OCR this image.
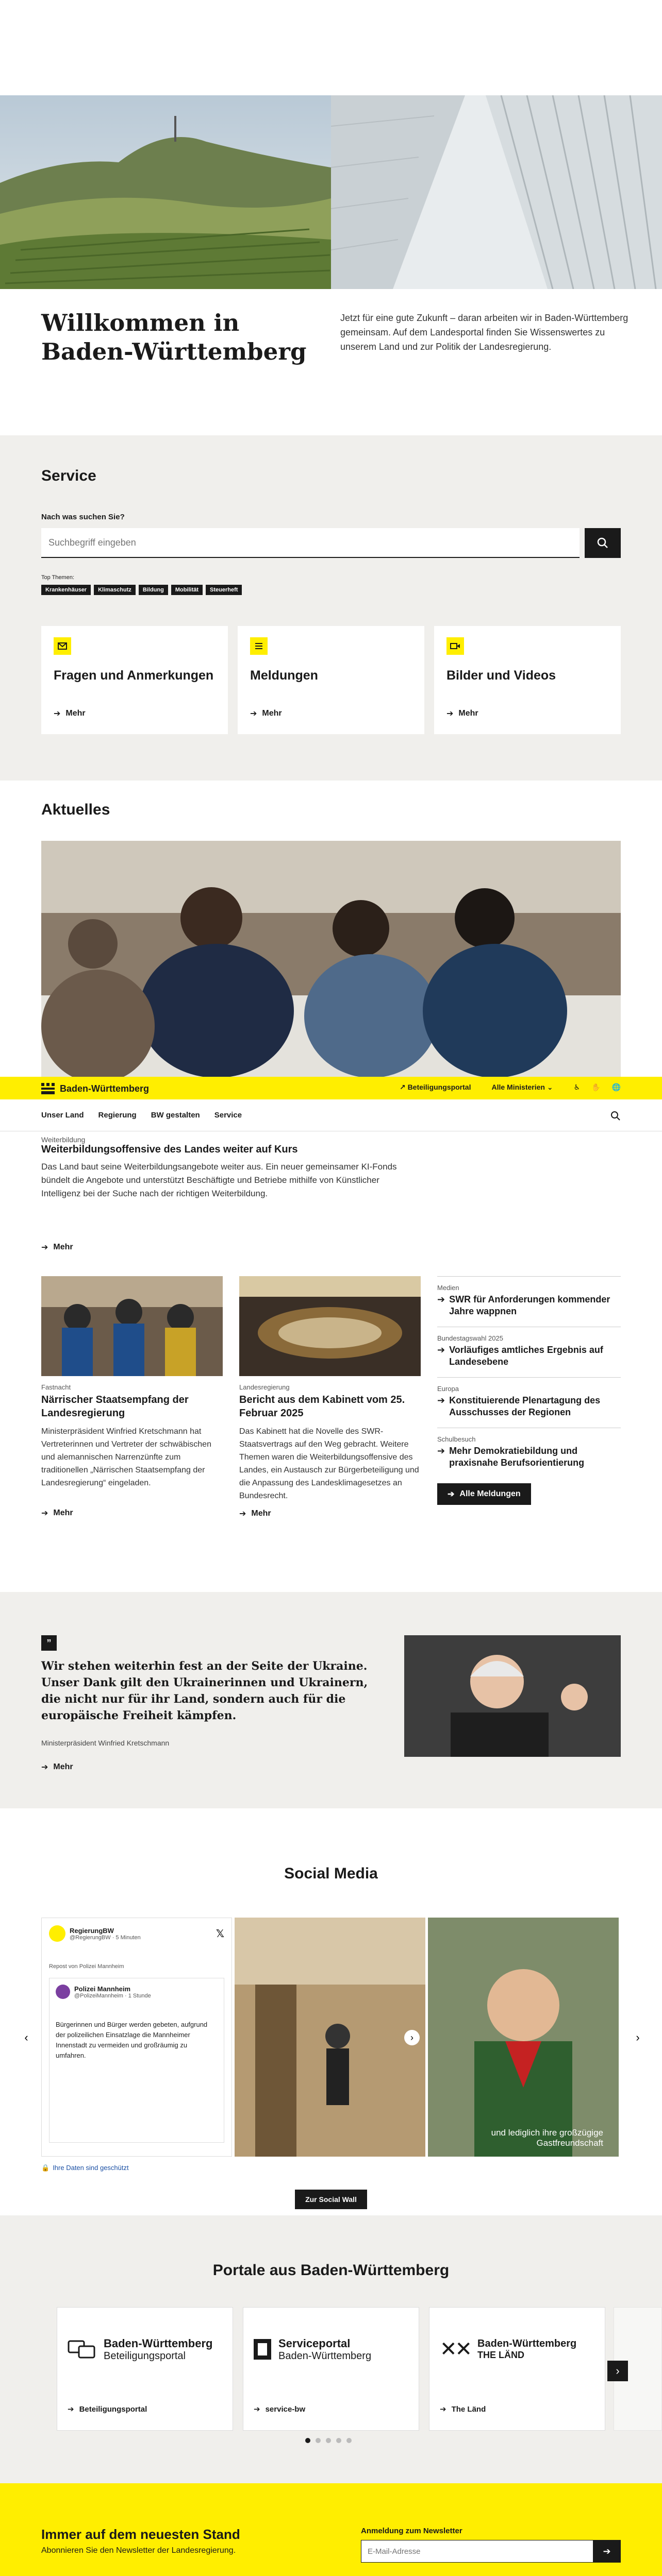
Willkommen in Baden-Württemberg

Jetzt für eine gute Zukunft – daran arbeiten wir in Baden-Württemberg gemeinsam. Auf dem Landesportal finden Sie Wissenswertes zu unserem Land und zur Politik der Landesregierung.

Service
Nach was suchen Sie?
Suchbegriff eingeben
Top Themen:
Krankenhäuser Klimaschutz Bildung Mobilität Steuerheft
Fragen und Anmerkungen
➔ Mehr
Meldungen
➔ Mehr
Bilder und Videos
➔ Mehr
Aktuelles
Baden-Württemberg	↗ Beteiligungsportal	Alle Ministerien ⌄	♿ ✋ 🌐
Unser Land Regierung BW gestalten Service
Weiterbildung
Weiterbildungsoffensive des Landes weiter auf Kurs
Das Land baut seine Weiterbildungsangebote weiter aus. Ein neuer gemeinsamer KI-Fonds bündelt die Angebote und unterstützt Beschäftigte und Betriebe mithilfe von Künstlicher Intelligenz bei der Suche nach der richtigen Weiterbildung.
➔ Mehr
Fastnacht
Närrischer Staatsempfang der Landesregierung
Ministerpräsident Winfried Kretschmann hat Vertreterinnen und Vertreter der schwäbischen und alemannischen Narrenzünfte zum traditionellen „Närrischen Staatsempfang der Landesregierung“ eingeladen.
➔ Mehr
Landesregierung
Bericht aus dem Kabinett vom 25. Februar 2025
Das Kabinett hat die Novelle des SWR-Staatsvertrags auf den Weg gebracht. Weitere Themen waren die Weiterbildungsoffensive des Landes, ein Austausch zur Bürgerbeteiligung und die Anpassung des Landesklimagesetzes an Bundesrecht.
➔ Mehr
Medien
➔ SWR für Anforderungen kommender Jahre wappnen
Bundestagswahl 2025
➔ Vorläufiges amtliches Ergebnis auf Landesebene
Europa
➔ Konstituierende Plenartagung des Ausschusses der Regionen
Schulbesuch
➔ Mehr Demokratiebildung und praxisnahe Berufsorientierung
➔ Alle Meldungen
”
Wir stehen weiterhin fest an der Seite der Ukraine. Unser Dank gilt den Ukrainerinnen und Ukrainern, die nicht nur für ihr Land, sondern auch für die europäische Freiheit kämpfen.
Ministerpräsident Winfried Kretschmann
➔ Mehr
Social Media
‹
RegierungBW
@RegierungBW · 5 Minuten	𝕏
Repost von Polizei Mannheim
Polizei Mannheim
@PolizeiMannheim · 1 Stunde

Bürgerinnen und Bürger werden gebeten, aufgrund der polizeilichen Einsatzlage die Mannheimer Innenstadt zu vermeiden und großräumig zu umfahren.

und lediglich ihre großzügige Gastfreundschaft
›	›
🔒 Ihre Daten sind geschützt
Zur Social Wall
Portale aus Baden-Württemberg
Baden-Württemberg
Beteiligungsportal
➔ Beteiligungsportal
Serviceportal
Baden-Württemberg
➔ service-bw
✕✕ Baden-Württemberg
THE LÄND
➔ The Länd
›
Immer auf dem neuesten Stand
Abonnieren Sie den Newsletter der Landesregierung.
Anmeldung zum Newsletter
E-Mail-Adresse
➔
